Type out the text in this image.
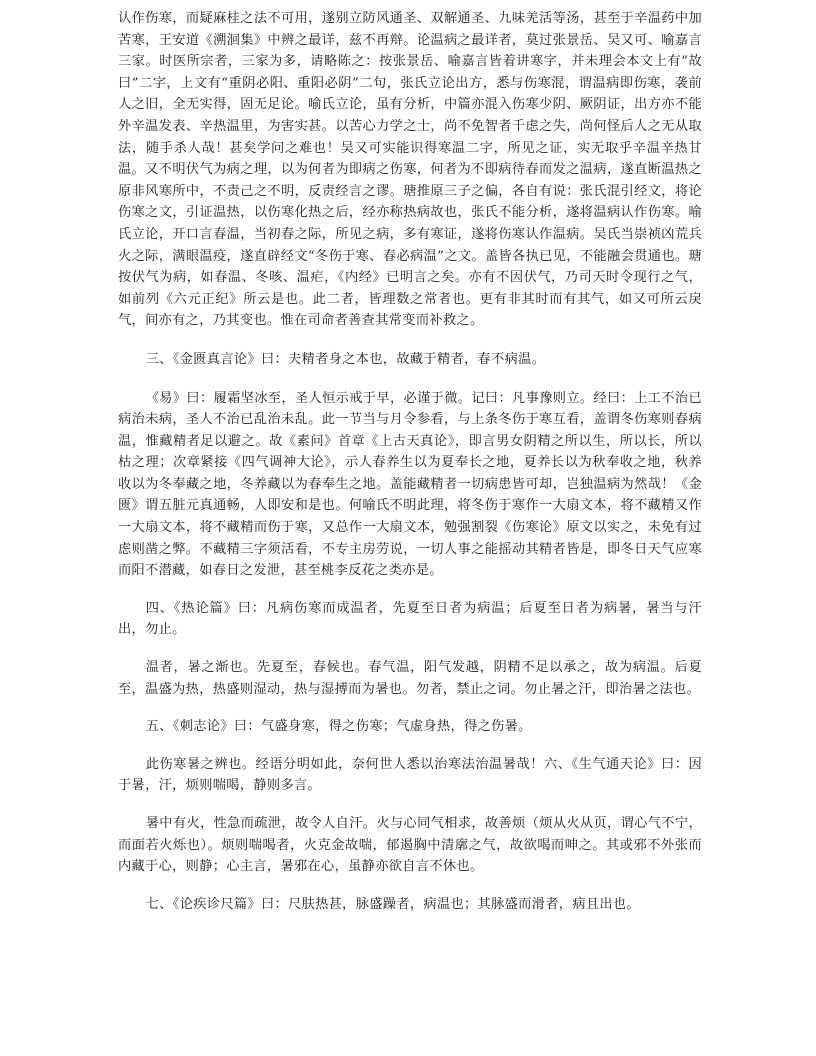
认作伤寒，而疑麻桂之法不可用，遂别立防风通圣、双解通圣、九味羌活等汤，甚至于辛温药中加苦寒，王安道《溯洄集》中辨之最详，兹不再辩。论温病之最详者，莫过张景岳、吴又可、喻嘉言三家。时医所宗者，三家为多，请略陈之：按张景岳、喻嘉言皆着讲寒字，并未理会本文上有“故曰”二字，上文有“重阴必阳、重阳必阴”二句，张氏立论出方，悉与伤寒混，谓温病即伤寒，袭前人之旧，全无实得，固无足论。喻氏立论，虽有分析，中篇亦混入伤寒少阴、厥阴证，出方亦不能外辛温发表、辛热温里，为害实甚。以苦心力学之士，尚不免智者千虑之失，尚何怪后人之无从取法，随手杀人哉！甚矣学问之难也！吴又可实能识得寒温二字，所见之证，实无取乎辛温辛热甘温。又不明伏气为病之理，以为何者为即病之伤寒，何者为不即病待春而发之温病，遂直断温热之原非风寒所中，不责己之不明，反责经言之谬。瑭推原三子之偏，各自有说：张氏混引经文，将论伤寒之文，引证温热，以伤寒化热之后，经亦称热病故也，张氏不能分析，遂将温病认作伤寒。喻氏立论，开口言春温，当初春之际，所见之病，多有寒证，遂将伤寒认作温病。吴氏当崇祯凶荒兵火之际，满眼温疫，遂直辟经文“冬伤于寒、春必病温”之文。盖皆各执已见，不能融会贯通也。瑭按伏气为病，如春温、冬咳、温疟，《内经》已明言之矣。亦有不因伏气，乃司天时令现行之气，如前列《六元正纪》所云是也。此二者，皆理数之常者也。更有非其时而有其气，如又可所云戾气，间亦有之，乃其变也。惟在司命者善查其常变而补救之。

三、《金匮真言论》曰：夫精者身之本也，故藏于精者，春不病温。

《易》曰：履霜坚冰至，圣人恒示戒于早，必谨于微。记曰：凡事豫则立。经曰：上工不治已病治未病，圣人不治已乱治未乱。此一节当与月令参看，与上条冬伤于寒互看，盖谓冬伤寒则春病温，惟藏精者足以避之。故《素问》首章《上古天真论》，即言男女阴精之所以生，所以长，所以枯之理；次章紧接《四气调神大论》，示人春养生以为夏奉长之地，夏养长以为秋奉收之地，秋养收以为冬奉藏之地，冬养藏以为春奉生之地。盖能藏精者一切病患皆可却，岂独温病为然哉！《金匮》谓五脏元真通畅，人即安和是也。何喻氏不明此理，将冬伤于寒作一大扇文本，将不藏精又作一大扇文本，将不藏精而伤于寒，又总作一大扇文本，勉强割裂《伤寒论》原文以实之，未免有过虑则凿之弊。不藏精三字须活看，不专主房劳说，一切人事之能摇动其精者皆是，即冬日天气应寒而阳不潜藏，如春日之发泄，甚至桃李反花之类亦是。

四、《热论篇》曰：凡病伤寒而成温者，先夏至日者为病温；后夏至日者为病暑，暑当与汗出，勿止。

温者，暑之渐也。先夏至，春候也。春气温，阳气发越，阴精不足以承之，故为病温。后夏至，温盛为热，热盛则湿动，热与湿搏而为暑也。勿者，禁止之词。勿止暑之汗，即治暑之法也。

五、《刺志论》曰：气盛身寒，得之伤寒；气虚身热，得之伤暑。

此伤寒暑之辨也。经语分明如此，奈何世人悉以治寒法治温暑哉！六、《生气通天论》曰：因于暑，汗，烦则喘喝，静则多言。

暑中有火，性急而疏泄，故令人自汗。火与心同气相求，故善烦（烦从火从页，谓心气不宁，而面若火烁也）。烦则喘喝者，火克金故喘，郁遏胸中清廓之气，故欲喝而呻之。其或邪不外张而内藏于心，则静；心主言，暑邪在心，虽静亦欲自言不休也。

七、《论疾诊尺篇》曰：尺肤热甚，脉盛躁者，病温也；其脉盛而滑者，病且出也。
